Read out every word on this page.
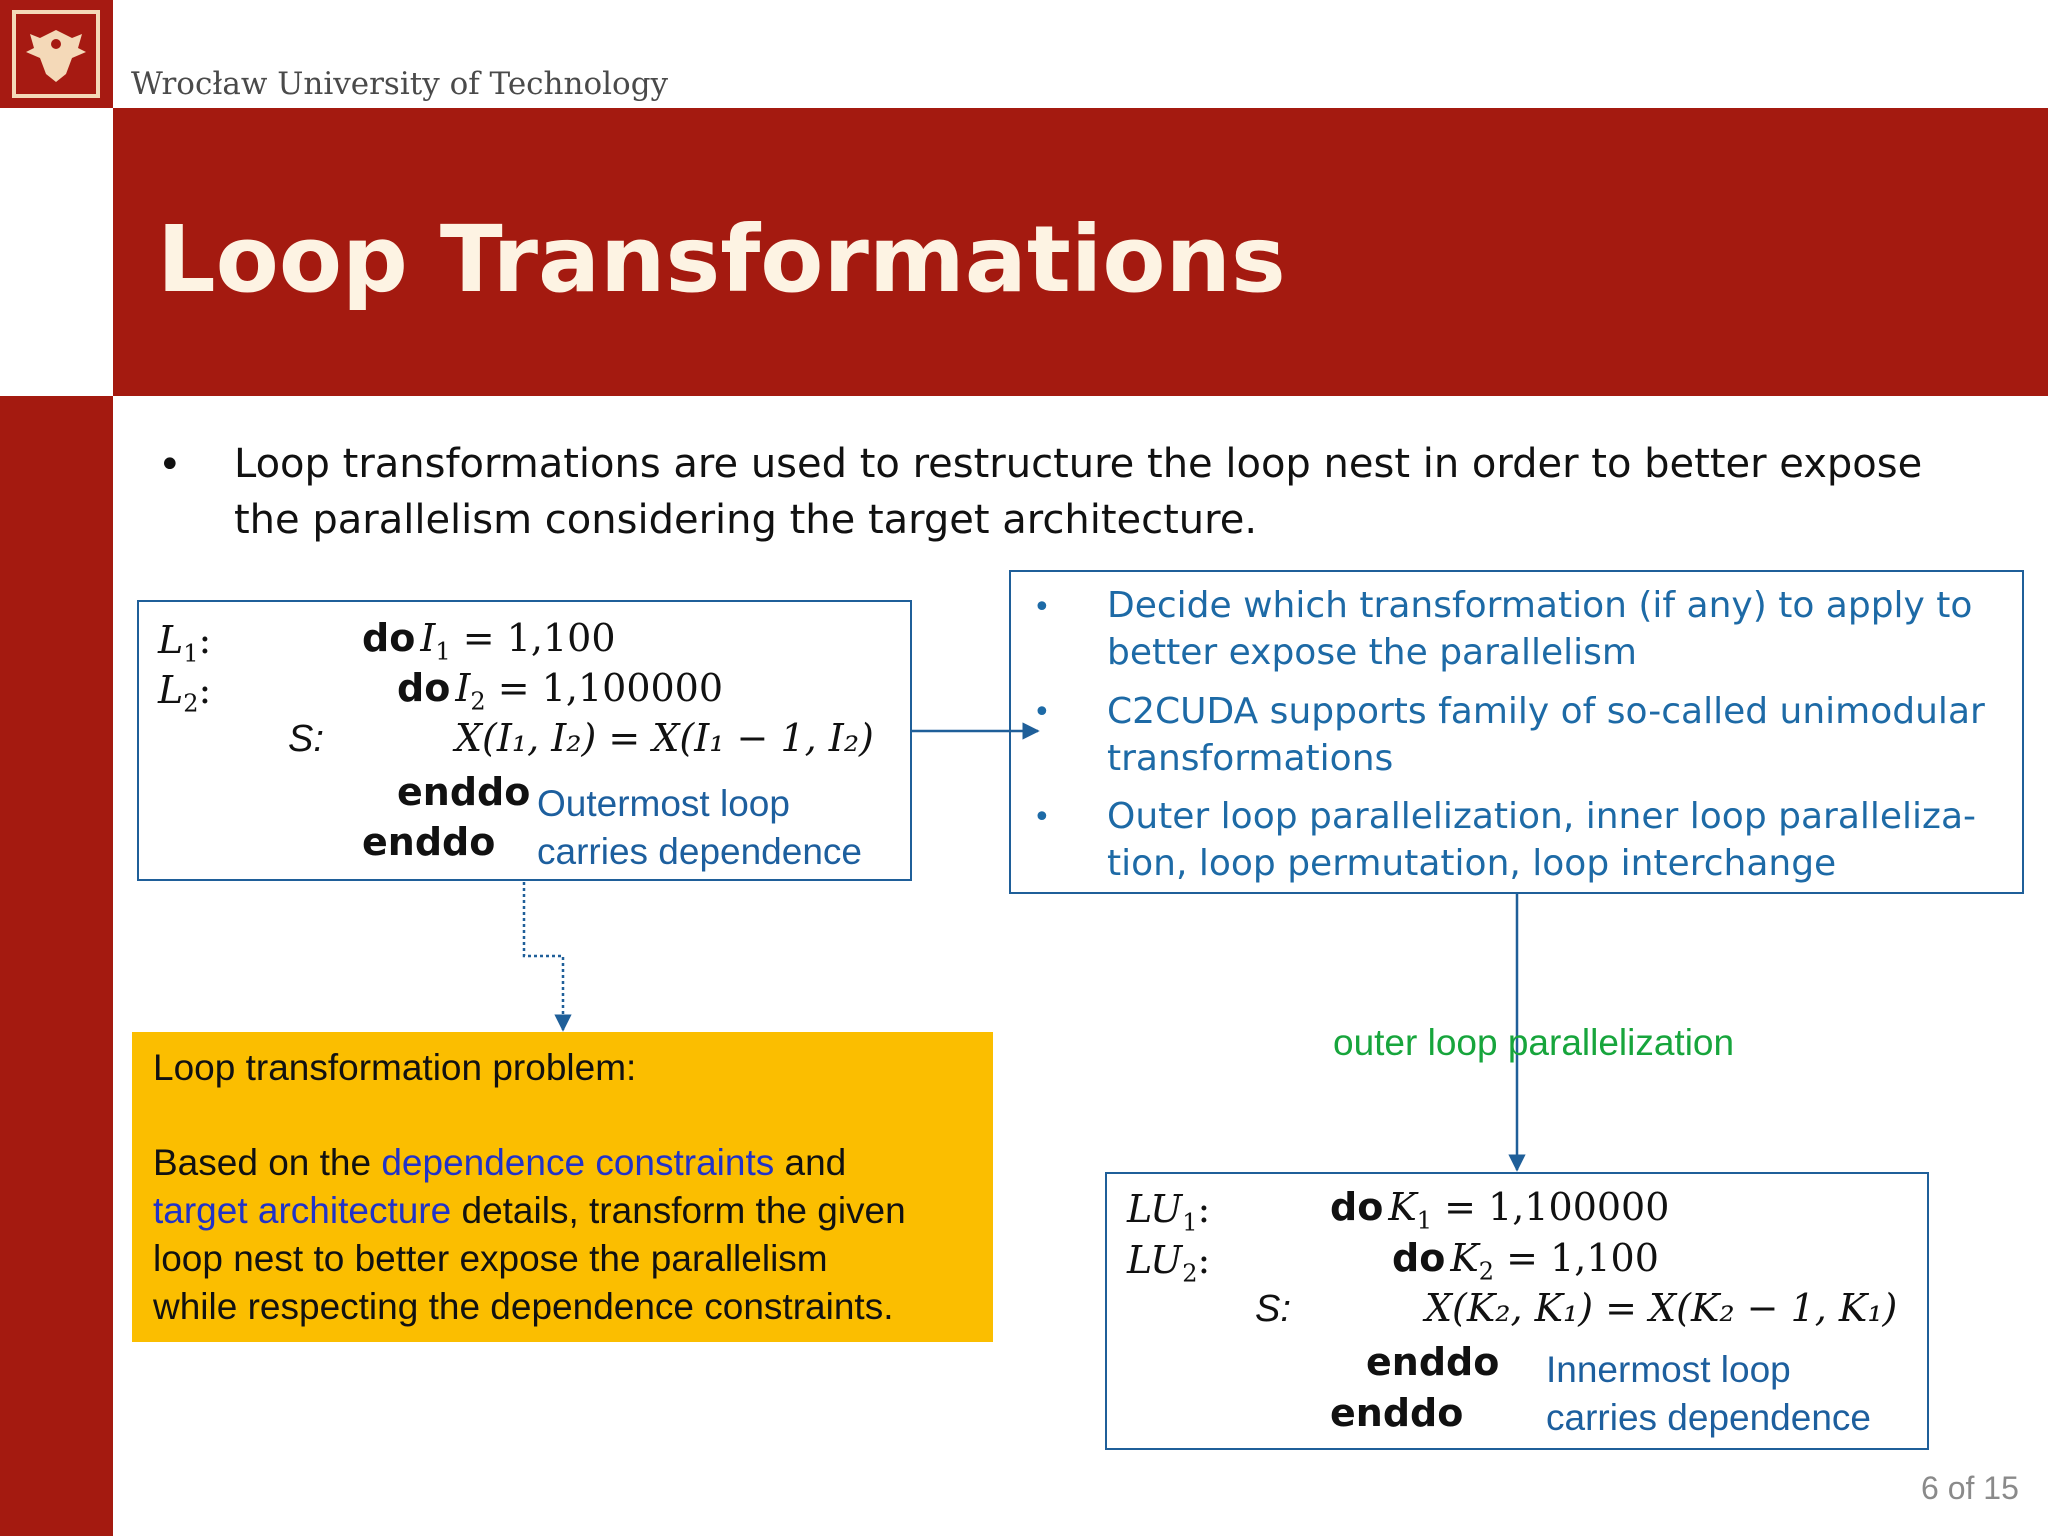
Wrocław University of Technology
Loop Transformations
• Loop transformations are used to restructure the loop nest in order to better expose
the parallelism considering the target architecture.
$L_1$:
$L_2$:
S:
do $I_1 = 1,100$
do $I_2 = 1,100000$
X(I₁, I₂) = X(I₁ − 1, I₂)
enddo
enddo
Outermost loop
carries dependence
• Decide which transformation (if any) to apply to
better expose the parallelism
• C2CUDA supports family of so-called unimodular
transformations
• Outer loop parallelization, inner loop paralleliza-
tion, loop permutation, loop interchange
Loop transformation problem:
Based on the dependence constraints and
target architecture details, transform the given
loop nest to better expose the parallelism
while respecting the dependence constraints.
outer loop parallelization
$LU_1$:
$LU_2$:
S:
do $K_1 = 1,100000$
do $K_2 = 1,100$
X(K₂, K₁) = X(K₂ − 1, K₁)
enddo
enddo
Innermost loop
carries dependence
6 of 15
